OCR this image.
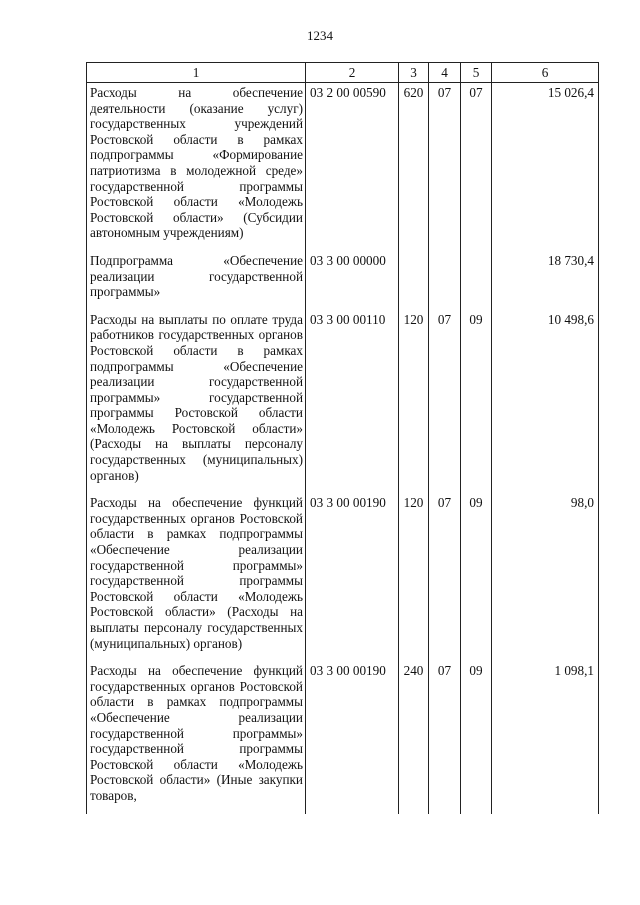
1234
1	2	3	4	5	6
Расходы на обеспечение деятельности (оказание услуг) государственных учреждений Ростовской области в рамках подпрограммы «Формирование патриотизма в молодежной среде» государственной программы Ростовской области «Молодежь Ростовской области» (Субсидии автономным учреждениям)	03 2 00 00590	620	07	07	15 026,4
Подпрограмма «Обеспечение реализации государственной программы»	03 3 00 00000				18 730,4
Расходы на выплаты по оплате труда работников государственных органов Ростовской области в рамках подпрограммы «Обеспечение реализации государственной программы» государственной программы Ростовской области «Молодежь Ростовской области» (Расходы на выплаты персоналу государственных (муниципальных) органов)	03 3 00 00110	120	07	09	10 498,6
Расходы на обеспечение функций государственных органов Ростовской области в рамках подпрограммы «Обеспечение реализации государственной программы» государственной программы Ростовской области «Молодежь Ростовской области» (Расходы на выплаты персоналу государственных (муниципальных) органов)	03 3 00 00190	120	07	09	98,0
Расходы на обеспечение функций государственных органов Ростовской области в рамках подпрограммы «Обеспечение реализации государственной программы» государственной программы Ростовской области «Молодежь Ростовской области» (Иные закупки товаров,	03 3 00 00190	240	07	09	1 098,1
